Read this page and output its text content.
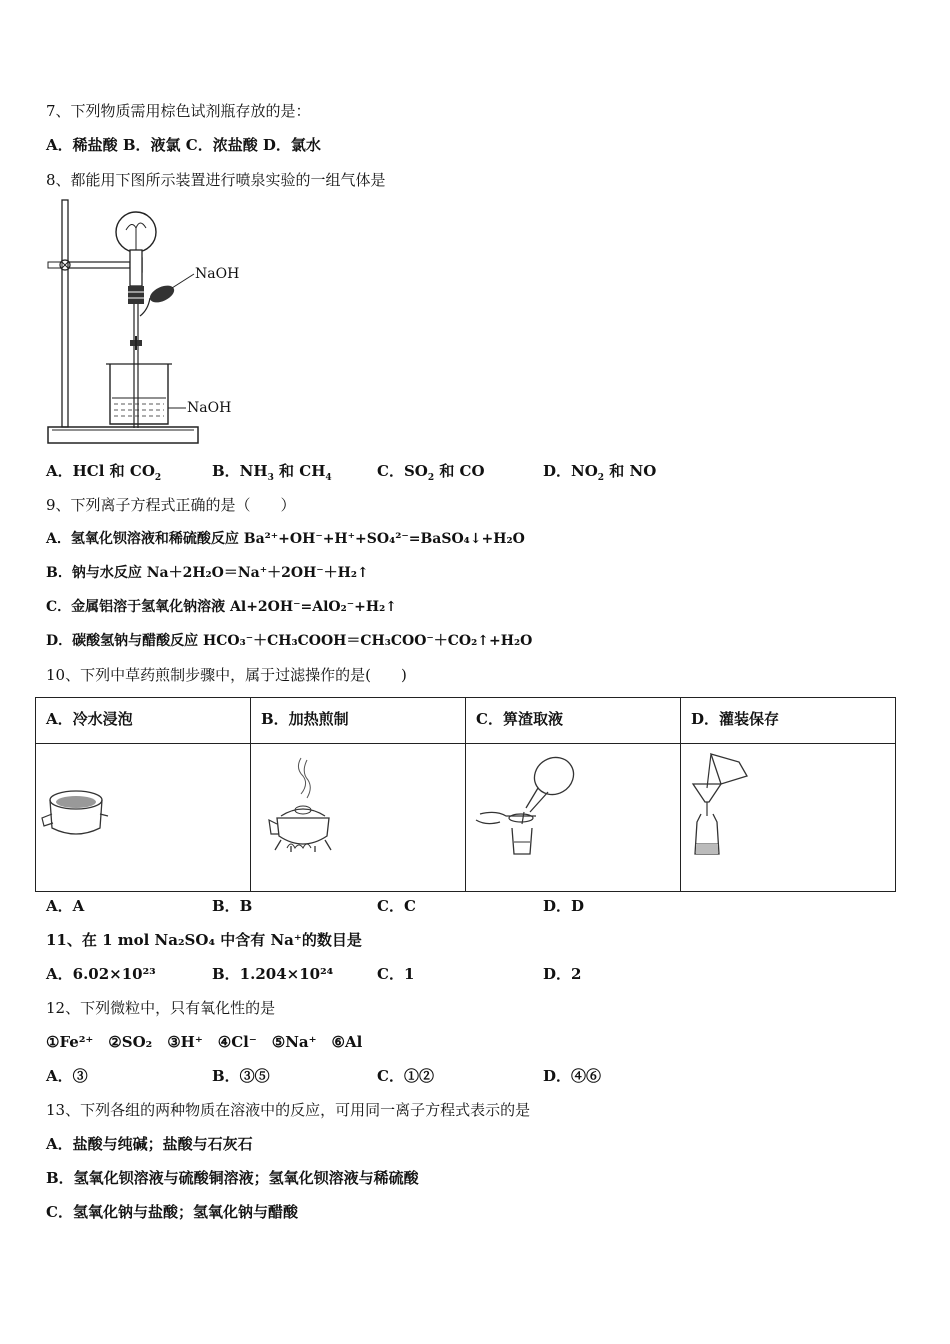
7、下列物质需用棕色试剂瓶存放的是：
A．稀盐酸 B．液氯 C．浓盐酸 D．氯水
8、都能用下图所示装置进行喷泉实验的一组气体是
NaOH
NaOH
A．HCl 和 $CO_2$	B．$NH_3$ 和 $CH_4$	C．$SO_2$ 和 CO	D．$NO_2$ 和 NO
9、下列离子方程式正确的是（　　）
A．氢氧化钡溶液和稀硫酸反应 Ba²⁺+OH⁻+H⁺+SO₄²⁻=BaSO₄↓+H₂O
B．钠与水反应 Na＋2H₂O＝Na⁺＋2OH⁻＋H₂↑
C．金属铝溶于氢氧化钠溶液 Al+2OH⁻=AlO₂⁻+H₂↑
D．碳酸氢钠与醋酸反应 HCO₃⁻＋CH₃COOH＝CH₃COO⁻＋CO₂↑+H₂O
10、下列中草药煎制步骤中，属于过滤操作的是(　　)
A．冷水浸泡	B．加热煎制	C．箅渣取液	D．灌装保存

A．A	B．B	C．C	D．D
11、在 1 mol Na₂SO₄ 中含有 Na⁺的数目是
A．6.02×10²³	B．1.204×10²⁴	C．1	D．2
12、下列微粒中，只有氧化性的是
①Fe²⁺　②SO₂　③H⁺　④Cl⁻　⑤Na⁺　⑥Al
A．③	B．③⑤	C．①②	D．④⑥
13、下列各组的两种物质在溶液中的反应，可用同一离子方程式表示的是
A．盐酸与纯碱；盐酸与石灰石
B．氢氧化钡溶液与硫酸铜溶液；氢氧化钡溶液与稀硫酸
C．氢氧化钠与盐酸；氢氧化钠与醋酸
